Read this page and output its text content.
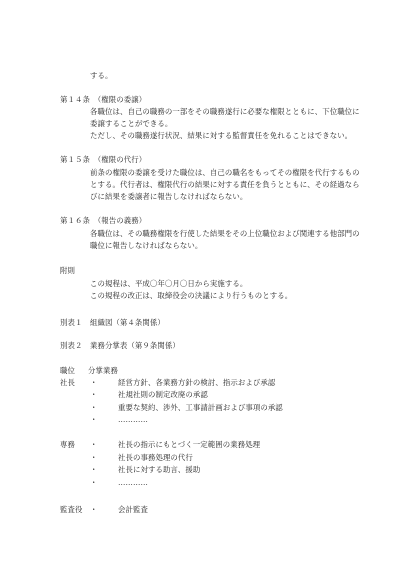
する。
第１４条　（権限の委譲）
各職位は、自己の職務の一部をその職務遂行に必要な権限とともに、下位職位に
委譲することができる。
ただし、その職務遂行状況、結果に対する監督責任を免れることはできない。
第１５条　（権限の代行）
前条の権限の委譲を受けた職位は、自己の職名をもってその権限を代行するもの
とする。代行者は、権限代行の結果に対する責任を負うとともに、その経過なら
びに結果を委譲者に報告しなければならない。
第１６条　（報告の義務）
各職位は、その職務権限を行使した結果をその上位職位および関連する他部門の
職位に報告しなければならない。
附則
この規程は、平成〇年〇月〇日から実施する。
この規程の改正は、取締役会の決議により行うものとする。
別表１　組織図（第４条関係）
別表２　業務分掌表（第９条関係）
職位 分掌業務
社長 ・	経営方針、各業務方針の検討、指示および承認
・	社規社則の制定改廃の承認
・	重要な契約、渉外、工事請計画および事項の承認
・	…………
専務 ・	社長の指示にもとづく一定範囲の業務処理
・	社長の事務処理の代行
・	社長に対する助言、援助
・	…………
監査役 ・	会計監査
